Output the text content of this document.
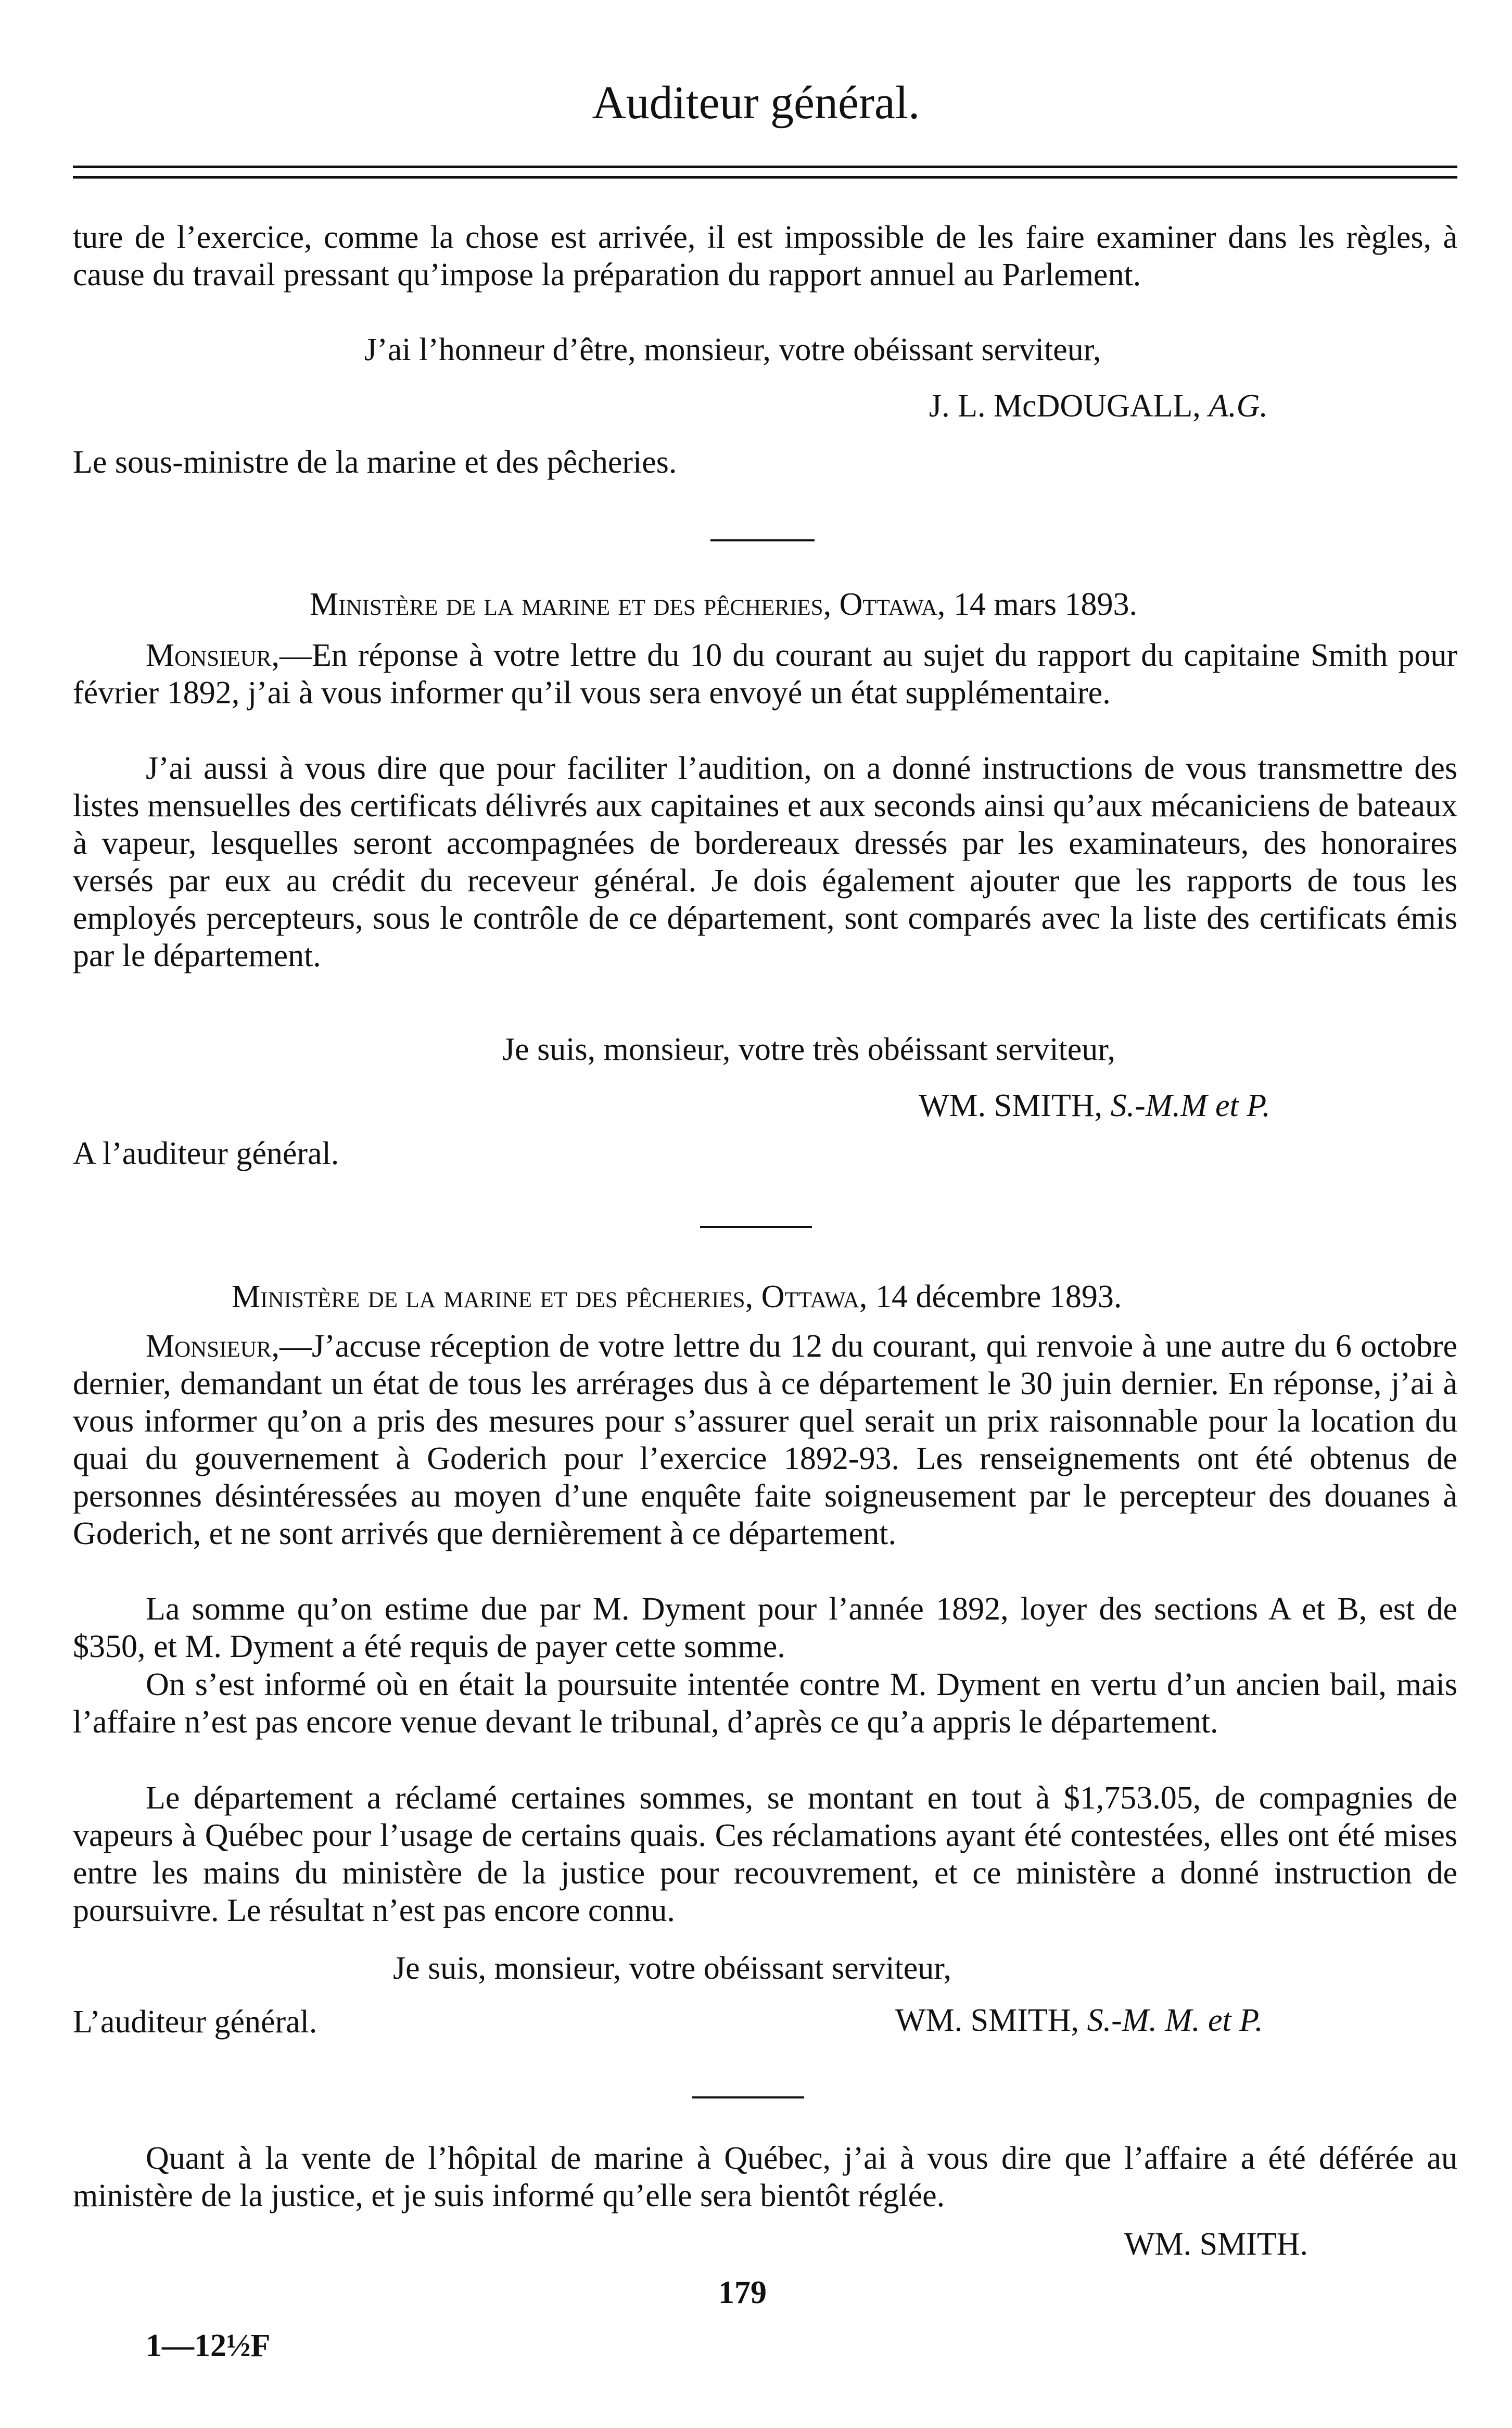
Auditeur général.

ture de l’exercice, comme la chose est arrivée, il est impossible de les faire examiner dans les règles, à cause du travail pressant qu’impose la préparation du rapport annuel au Parlement.

J’ai l’honneur d’être, monsieur, votre obéissant serviteur,
J. L. McDOUGALL, A.G.
Le sous-ministre de la marine et des pêcheries.
Ministère de la marine et des pêcheries, Ottawa, 14 mars 1893.

Monsieur,—En réponse à votre lettre du 10 du courant au sujet du rapport du capitaine Smith pour février 1892, j’ai à vous informer qu’il vous sera envoyé un état supplémentaire.

J’ai aussi à vous dire que pour faciliter l’audition, on a donné instructions de vous transmettre des listes mensuelles des certificats délivrés aux capitaines et aux seconds ainsi qu’aux mécaniciens de bateaux à vapeur, lesquelles seront accompagnées de bordereaux dressés par les examinateurs, des honoraires versés par eux au crédit du receveur général. Je dois également ajouter que les rapports de tous les employés percepteurs, sous le contrôle de ce département, sont comparés avec la liste des certificats émis par le département.

Je suis, monsieur, votre très obéissant serviteur,
WM. SMITH, S.-M.M et P.
A l’auditeur général.
Ministère de la marine et des pêcheries, Ottawa, 14 décembre 1893.

Monsieur,—J’accuse réception de votre lettre du 12 du courant, qui renvoie à une autre du 6 octobre dernier, demandant un état de tous les arrérages dus à ce département le 30 juin dernier. En réponse, j’ai à vous informer qu’on a pris des mesures pour s’assurer quel serait un prix raisonnable pour la location du quai du gouvernement à Goderich pour l’exercice 1892-93. Les renseignements ont été obtenus de personnes désintéressées au moyen d’une enquête faite soigneusement par le percepteur des douanes à Goderich, et ne sont arrivés que dernièrement à ce département.

La somme qu’on estime due par M. Dyment pour l’année 1892, loyer des sections A et B, est de $350, et M. Dyment a été requis de payer cette somme.

On s’est informé où en était la poursuite intentée contre M. Dyment en vertu d’un ancien bail, mais l’affaire n’est pas encore venue devant le tribunal, d’après ce qu’a appris le département.

Le département a réclamé certaines sommes, se montant en tout à $1,753.05, de compagnies de vapeurs à Québec pour l’usage de certains quais. Ces réclamations ayant été contestées, elles ont été mises entre les mains du ministère de la justice pour recouvrement, et ce ministère a donné instruction de poursuivre. Le résultat n’est pas encore connu.

Je suis, monsieur, votre obéissant serviteur,
L’auditeur général.	WM. SMITH, S.-M. M. et P.

Quant à la vente de l’hôpital de marine à Québec, j’ai à vous dire que l’affaire a été déférée au ministère de la justice, et je suis informé qu’elle sera bientôt réglée.

WM. SMITH.
179
1—12½F
